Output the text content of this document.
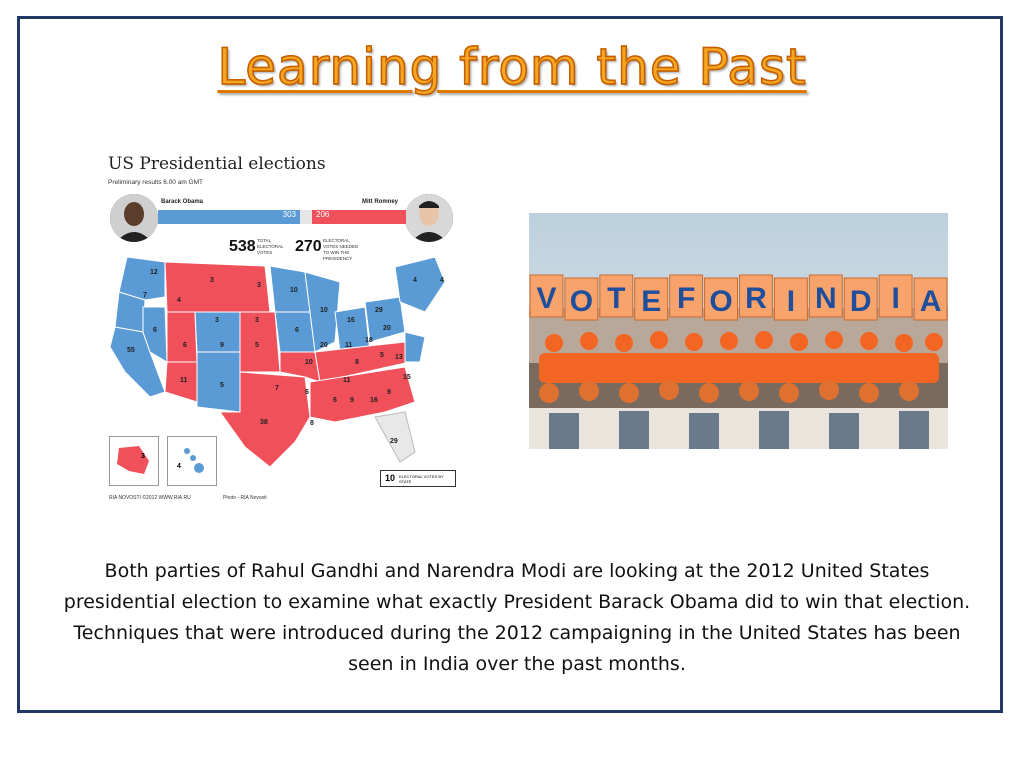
Learning from the Past
US Presidential elections
Preliminary results 6.00 am GMT
Barack Obama	Mitt Romney
303	206
538 TOTAL ELECTORAL VOTES	270 ELECTORAL VOTES NEEDED TO WIN THE PRESIDENCY
12
7
4
3
3
10
3	3
6
55
6	9	5
6
10
20 11
18
16
29
5
20
13
11
5	7
10	8
11	15
9
6
6 9 16
8
38
29
4	4
3
4
10 ELECTORAL VOTES BY STATE
RIA NOVOSTI ©2012 WWW.RIA.RU	Photo - RIA Novosti
V O T E F O R I N D I A
Both parties of Rahul Gandhi and Narendra Modi are looking at the 2012 United States presidential election to examine what exactly President Barack Obama did to win that election. Techniques that were introduced during the 2012 campaigning in the United States has been seen in India over the past months.
